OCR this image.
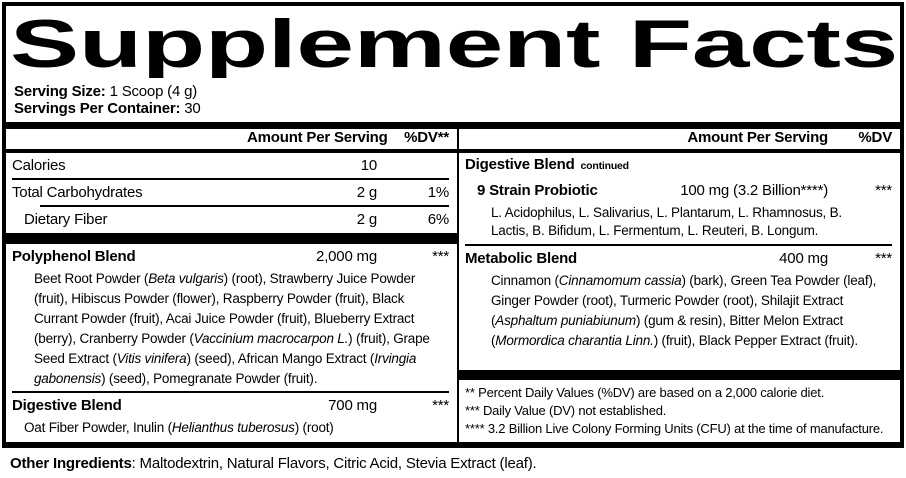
Supplement Facts
Serving Size: 1 Scoop (4 g)
Servings Per Container: 30
Amount Per Serving	%DV**	Amount Per Serving	%DV
Calories	10
Total Carbohydrates	2 g	1%
Dietary Fiber	2 g	6%
Polyphenol Blend	2,000 mg	***
Beet Root Powder (Beta vulgaris) (root), Strawberry Juice Powder (fruit), Hibiscus Powder (flower), Raspberry Powder (fruit), Black Currant Powder (fruit), Acai Juice Powder (fruit), Blueberry Extract (berry), Cranberry Powder (Vaccinium macrocarpon L.) (fruit), Grape Seed Extract (Vitis vinifera) (seed), African Mango Extract (Irvingia gabonensis) (seed), Pomegranate Powder (fruit).
Digestive Blend	700 mg	***
Oat Fiber Powder, Inulin (Helianthus tuberosus) (root)
Digestive Blend continued
9 Strain Probiotic	100 mg (3.2 Billion****)	***
L. Acidophilus, L. Salivarius, L. Plantarum, L. Rhamnosus, B. Lactis, B. Bifidum, L. Fermentum, L. Reuteri, B. Longum.
Metabolic Blend	400 mg	***
Cinnamon (Cinnamomum cassia) (bark), Green Tea Powder (leaf), Ginger Powder (root), Turmeric Powder (root), Shilajit Extract (Asphaltum puniabiunum) (gum & resin), Bitter Melon Extract (Mormordica charantia Linn.) (fruit), Black Pepper Extract (fruit).
** Percent Daily Values (%DV) are based on a 2,000 calorie diet.
*** Daily Value (DV) not established.
**** 3.2 Billion Live Colony Forming Units (CFU) at the time of manufacture.
Other Ingredients: Maltodextrin, Natural Flavors, Citric Acid, Stevia Extract (leaf).
